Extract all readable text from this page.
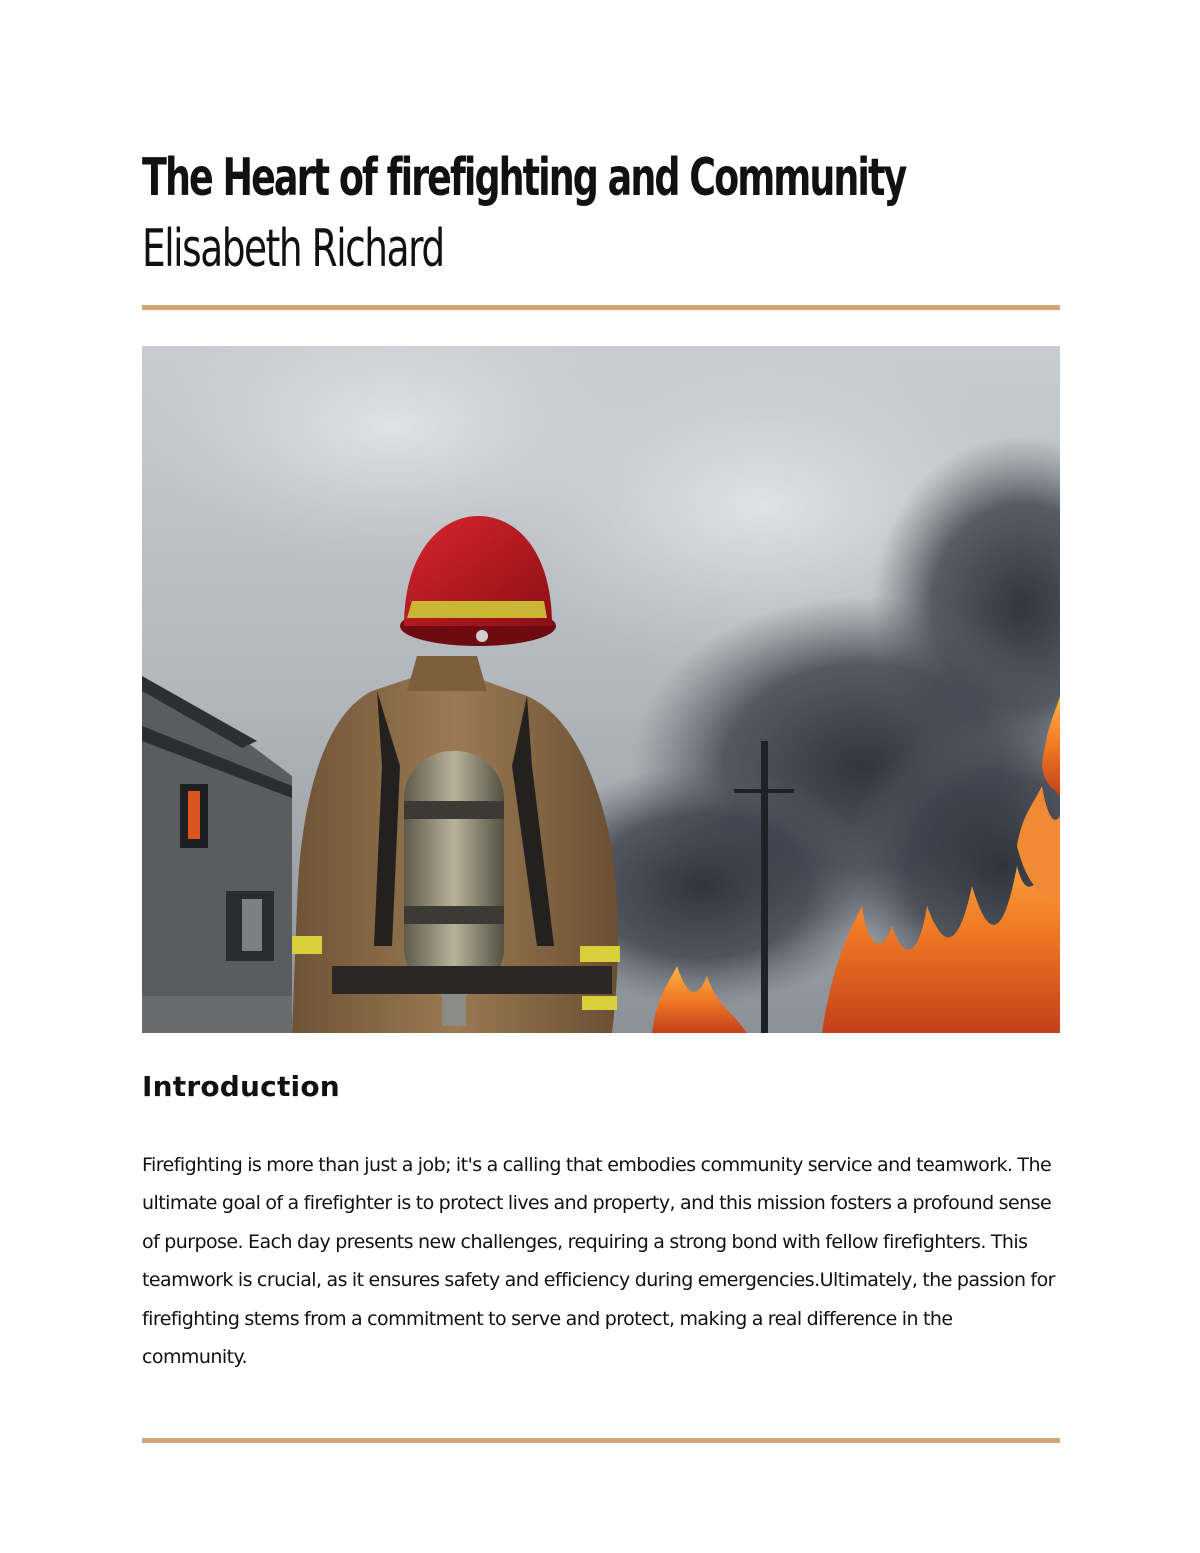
The Heart of firefighting and Community
Elisabeth Richard
Introduction

Firefighting is more than just a job; it's a calling that embodies community service and teamwork. The ultimate goal of a firefighter is to protect lives and property, and this mission fosters a profound sense of purpose. Each day presents new challenges, requiring a strong bond with fellow firefighters. This teamwork is crucial, as it ensures safety and efficiency during emergencies.Ultimately, the passion for firefighting stems from a commitment to serve and protect, making a real difference in the community.
